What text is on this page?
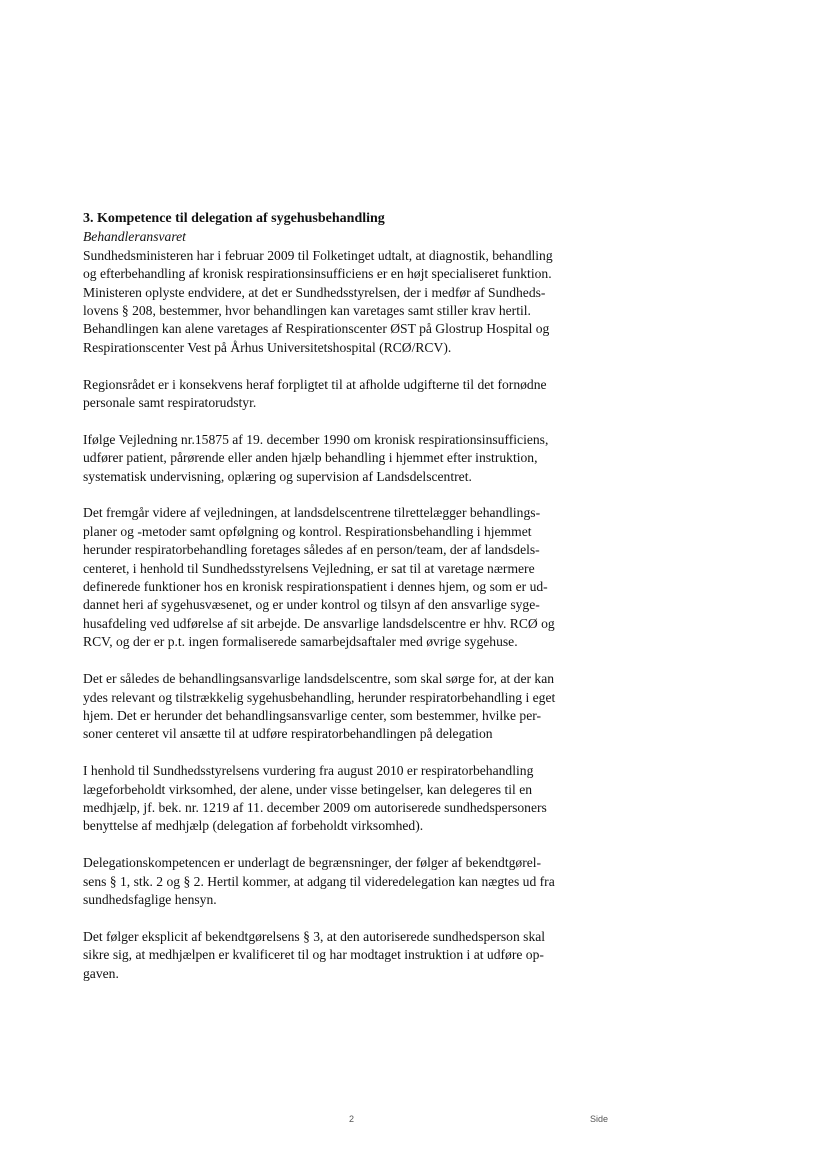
3. Kompetence til delegation af sygehusbehandling

Behandleransvaret

Sundhedsministeren har i februar 2009 til Folketinget udtalt, at diagnostik, behandling
og efterbehandling af kronisk respirationsinsufficiens er en højt specialiseret funktion.
Ministeren oplyste endvidere, at det er Sundhedsstyrelsen, der i medfør af Sundheds-
lovens § 208, bestemmer, hvor behandlingen kan varetages samt stiller krav hertil.
Behandlingen kan alene varetages af Respirationscenter ØST på Glostrup Hospital og
Respirationscenter Vest på Århus Universitetshospital (RCØ/RCV).

Regionsrådet er i konsekvens heraf forpligtet til at afholde udgifterne til det fornødne
personale samt respiratorudstyr.

Ifølge Vejledning nr.15875 af 19. december 1990 om kronisk respirationsinsufficiens,
udfører patient, pårørende eller anden hjælp behandling i hjemmet efter instruktion,
systematisk undervisning, oplæring og supervision af Landsdelscentret.

Det fremgår videre af vejledningen, at landsdelscentrene tilrettelægger behandlings-
planer og -metoder samt opfølgning og kontrol. Respirationsbehandling i hjemmet
herunder respiratorbehandling foretages således af en person/team, der af landsdels-
centeret, i henhold til Sundhedsstyrelsens Vejledning, er sat til at varetage nærmere
definerede funktioner hos en kronisk respirationspatient i dennes hjem, og som er ud-
dannet heri af sygehusvæsenet, og er under kontrol og tilsyn af den ansvarlige syge-
husafdeling ved udførelse af sit arbejde. De ansvarlige landsdelscentre er hhv. RCØ og
RCV, og der er p.t. ingen formaliserede samarbejdsaftaler med øvrige sygehuse.

Det er således de behandlingsansvarlige landsdelscentre, som skal sørge for, at der kan
ydes relevant og tilstrækkelig sygehusbehandling, herunder respiratorbehandling i eget
hjem. Det er herunder det behandlingsansvarlige center, som bestemmer, hvilke per-
soner centeret vil ansætte til at udføre respiratorbehandlingen på delegation

I henhold til Sundhedsstyrelsens vurdering fra august 2010 er respiratorbehandling
lægeforbeholdt virksomhed, der alene, under visse betingelser, kan delegeres til en
medhjælp, jf. bek. nr. 1219 af 11. december 2009 om autoriserede sundhedspersoners
benyttelse af medhjælp (delegation af forbeholdt virksomhed).

Delegationskompetencen er underlagt de begrænsninger, der følger af bekendtgørel-
sens § 1, stk. 2 og § 2. Hertil kommer, at adgang til videredelegation kan nægtes ud fra
sundhedsfaglige hensyn.

Det følger eksplicit af bekendtgørelsens § 3, at den autoriserede sundhedsperson skal
sikre sig, at medhjælpen er kvalificeret til og har modtaget instruktion i at udføre op-
gaven.

2	Side
